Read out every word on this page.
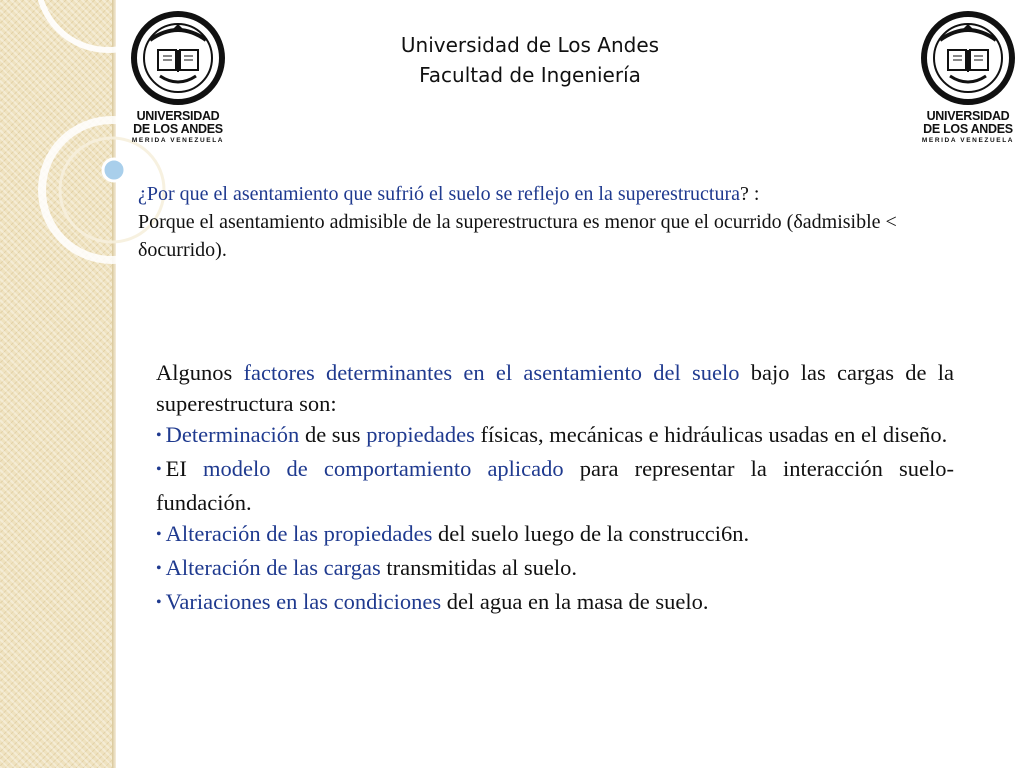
Universidad de Los Andes
Facultad de Ingeniería
UNIVERSIDAD
DE LOS ANDES
MERIDA VENEZUELA
UNIVERSIDAD
DE LOS ANDES
MERIDA VENEZUELA
¿Por que el asentamiento que sufrió el suelo se reflejo en la superestructura? :
Porque el asentamiento admisible de la superestructura es menor que el ocurrido (δadmisible < δocurrido).

Algunos factores determinantes en el asentamiento del suelo bajo las cargas de la superestructura son:

• Determinación de sus propiedades físicas, mecánicas e hidráulicas usadas en el diseño.
• EI modelo de comportamiento aplicado para representar la interacción suelo-fundación.
• Alteración de las propiedades del suelo luego de la construcci6n.
• Alteración de las cargas transmitidas al suelo.
• Variaciones en las condiciones del agua en la masa de suelo.
